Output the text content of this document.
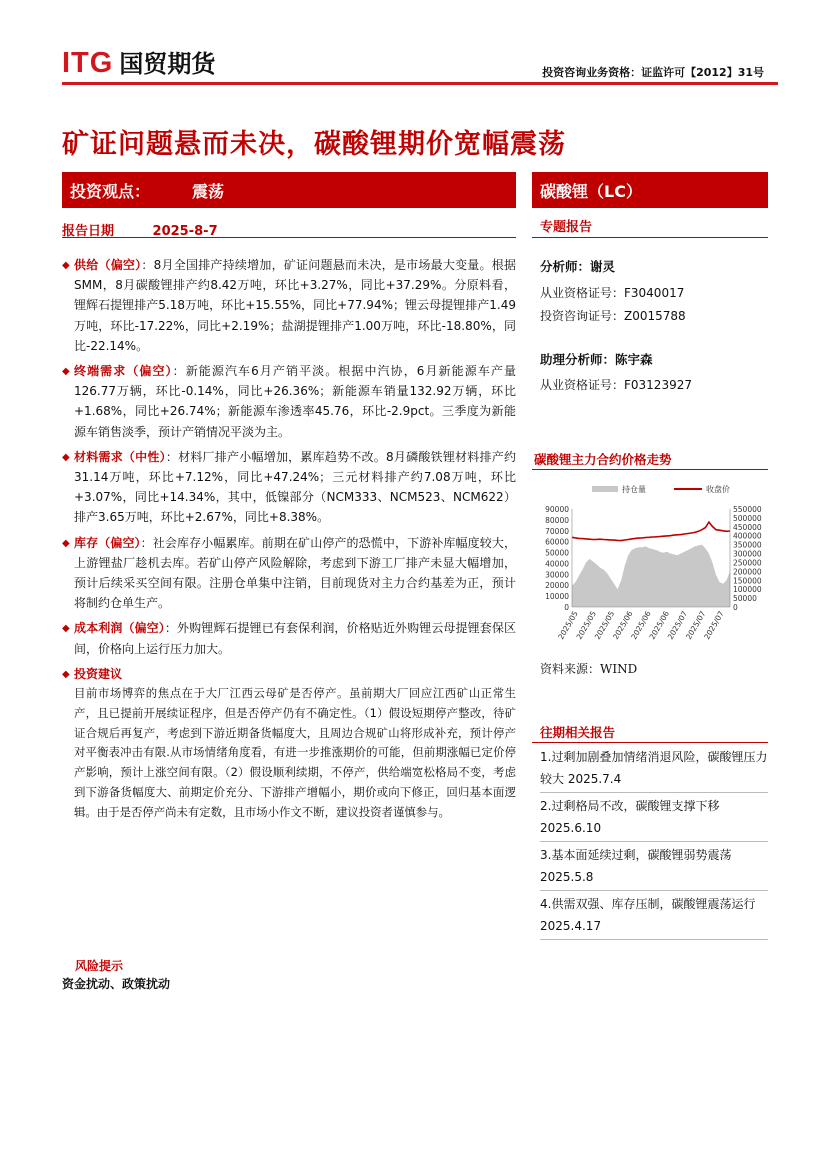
ITG 国贸期货	投资咨询业务资格：证监许可【2012】31号
矿证问题悬而未决，碳酸锂期价宽幅震荡
投资观点：	震荡
报告日期	2025-8-7
◆ 供给（偏空）：8月全国排产持续增加，矿证问题悬而未决，是市场最大变量。根据SMM，8月碳酸锂排产约8.42万吨，环比+3.27%，同比+37.29%。分原料看，锂辉石提锂排产5.18万吨，环比+15.55%，同比+77.94%；锂云母提锂排产1.49万吨，环比-17.22%，同比+2.19%；盐湖提锂排产1.00万吨，环比-18.80%，同比-22.14%。
◆ 终端需求（偏空）：新能源汽车6月产销平淡。根据中汽协，6月新能源车产量126.77万辆，环比-0.14%，同比+26.36%；新能源车销量132.92万辆，环比+1.68%，同比+26.74%；新能源车渗透率45.76，环比-2.9pct。三季度为新能源车销售淡季，预计产销情况平淡为主。
◆ 材料需求（中性）：材料厂排产小幅增加，累库趋势不改。8月磷酸铁锂材料排产约31.14万吨，环比+7.12%，同比+47.24%；三元材料排产约7.08万吨，环比+3.07%，同比+14.34%，其中，低镍部分（NCM333、NCM523、NCM622）排产3.65万吨，环比+2.67%，同比+8.38%。
◆ 库存（偏空）：社会库存小幅累库。前期在矿山停产的恐慌中，下游补库幅度较大，上游锂盐厂趁机去库。若矿山停产风险解除，考虑到下游工厂排产未显大幅增加，预计后续采买空间有限。注册仓单集中注销，目前现货对主力合约基差为正，预计将制约仓单生产。
◆ 成本利润（偏空）：外购锂辉石提锂已有套保利润，价格贴近外购锂云母提锂套保区间，价格向上运行压力加大。
◆ 投资建议
目前市场博弈的焦点在于大厂江西云母矿是否停产。虽前期大厂回应江西矿山正常生产，且已提前开展续证程序，但是否停产仍有不确定性。（1）假设短期停产整改，待矿证合规后再复产，考虑到下游近期备货幅度大，且周边合规矿山将形成补充，预计停产对平衡表冲击有限.从市场情绪角度看，有进一步推涨期价的可能，但前期涨幅已定价停产影响，预计上涨空间有限。（2）假设顺利续期，不停产，供给端宽松格局不变，考虑到下游备货幅度大、前期定价充分、下游排产增幅小，期价或向下修正，回归基本面逻辑。由于是否停产尚未有定数，且市场小作文不断，建议投资者谨慎参与。
风险提示
资金扰动、政策扰动
碳酸锂（LC）
专题报告
分析师：谢灵
从业资格证号：F3040017
投资咨询证号：Z0015788
助理分析师：陈宇森
从业资格证号：F03123927
碳酸锂主力合约价格走势
持仓量	收盘价
0
10000
20000
30000
40000
50000
60000
70000
80000
90000
0
50000
100000
150000
200000
250000
300000
350000
400000
450000
500000
550000
2025/05
2025/05
2025/05
2025/06
2025/06
2025/06
2025/07
2025/07
2025/07
资料来源：WIND
往期相关报告
1.过剩加剧叠加情绪消退风险，碳酸锂压力较大 2025.7.4
2.过剩格局不改，碳酸锂支撑下移 2025.6.10
3.基本面延续过剩，碳酸锂弱势震荡 2025.5.8
4.供需双强、库存压制，碳酸锂震荡运行 2025.4.17
